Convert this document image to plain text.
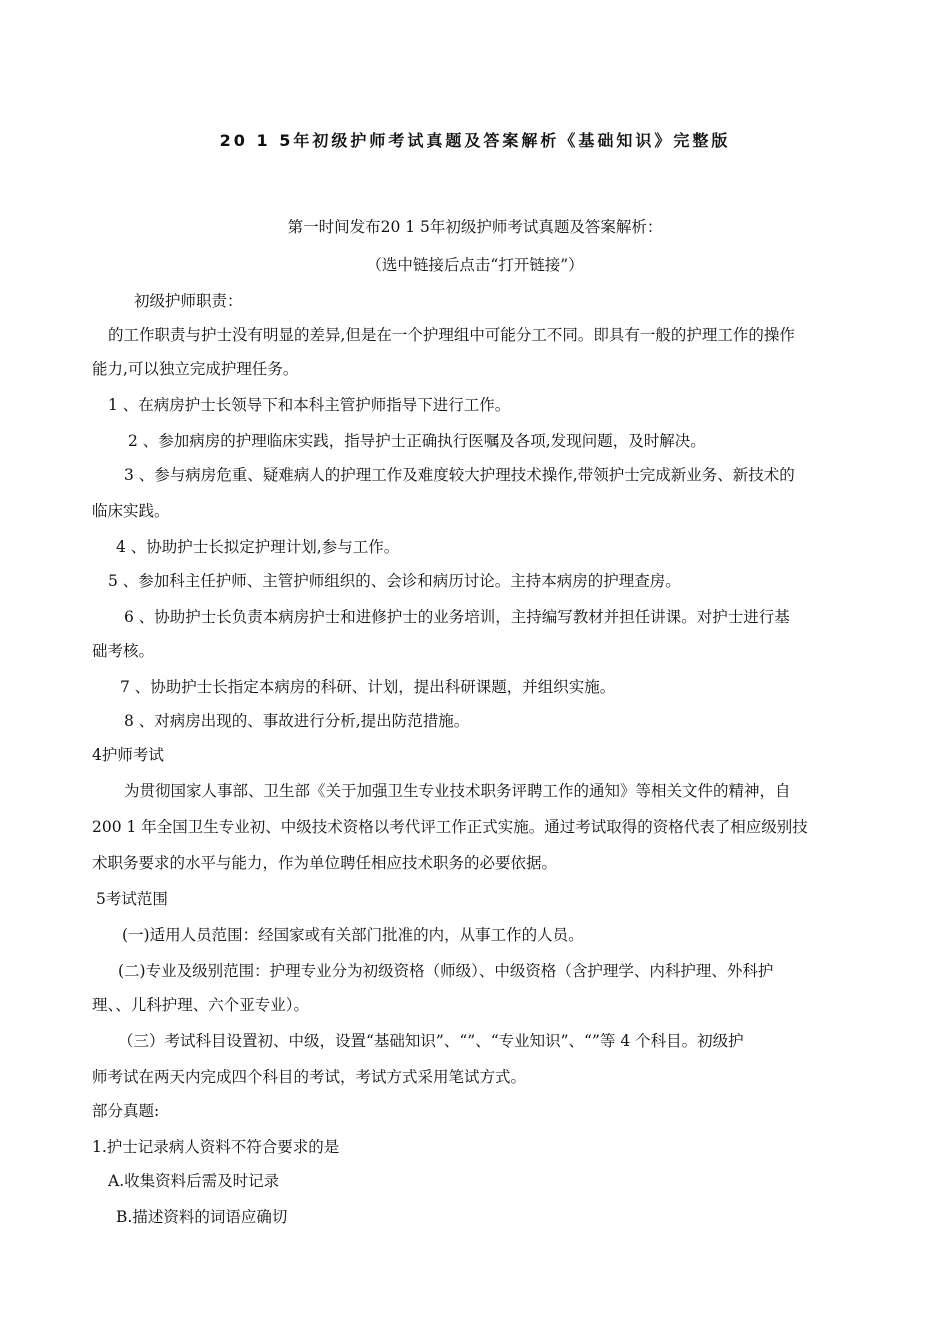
20 1 5年初级护师考试真题及答案解析《基础知识》完整版
第一时间发布20 1 5年初级护师考试真题及答案解析：
（选中链接后点击“打开链接”）
初级护师职责：
的工作职责与护士没有明显的差异,但是在一个护理组中可能分工不同。即具有一般的护理工作的操作
能力,可以独立完成护理任务。
1 、在病房护士长领导下和本科主管护师指导下进行工作。
2 、参加病房的护理临床实践，指导护士正确执行医嘱及各项,发现问题，及时解决。
3 、参与病房危重、疑难病人的护理工作及难度较大护理技术操作,带领护士完成新业务、新技术的
临床实践。
4 、协助护士长拟定护理计划,参与工作。
5 、参加科主任护师、主管护师组织的、会诊和病历讨论。主持本病房的护理查房。
6 、协助护士长负责本病房护士和进修护士的业务培训，主持编写教材并担任讲课。对护士进行基
础考核。
7 、协助护士长指定本病房的科研、计划，提出科研课题，并组织实施。
8 、对病房出现的、事故进行分析,提出防范措施。
4护师考试
为贯彻国家人事部、卫生部《关于加强卫生专业技术职务评聘工作的通知》等相关文件的精神，自
200 1 年全国卫生专业初、中级技术资格以考代评工作正式实施。通过考试取得的资格代表了相应级别技
术职务要求的水平与能力，作为单位聘任相应技术职务的必要依据。
5考试范围
(一)适用人员范围：经国家或有关部门批准的内，从事工作的人员。
(二)专业及级别范围：护理专业分为初级资格（师级）、中级资格（含护理学、内科护理、外科护
理、、儿科护理、六个亚专业）。
（三）考试科目设置初、中级，设置“基础知识”、“”、“专业知识”、“”等 4 个科目。初级护
师考试在两天内完成四个科目的考试，考试方式采用笔试方式。
部分真题:
1.护士记录病人资料不符合要求的是
A.收集资料后需及时记录
B.描述资料的词语应确切
